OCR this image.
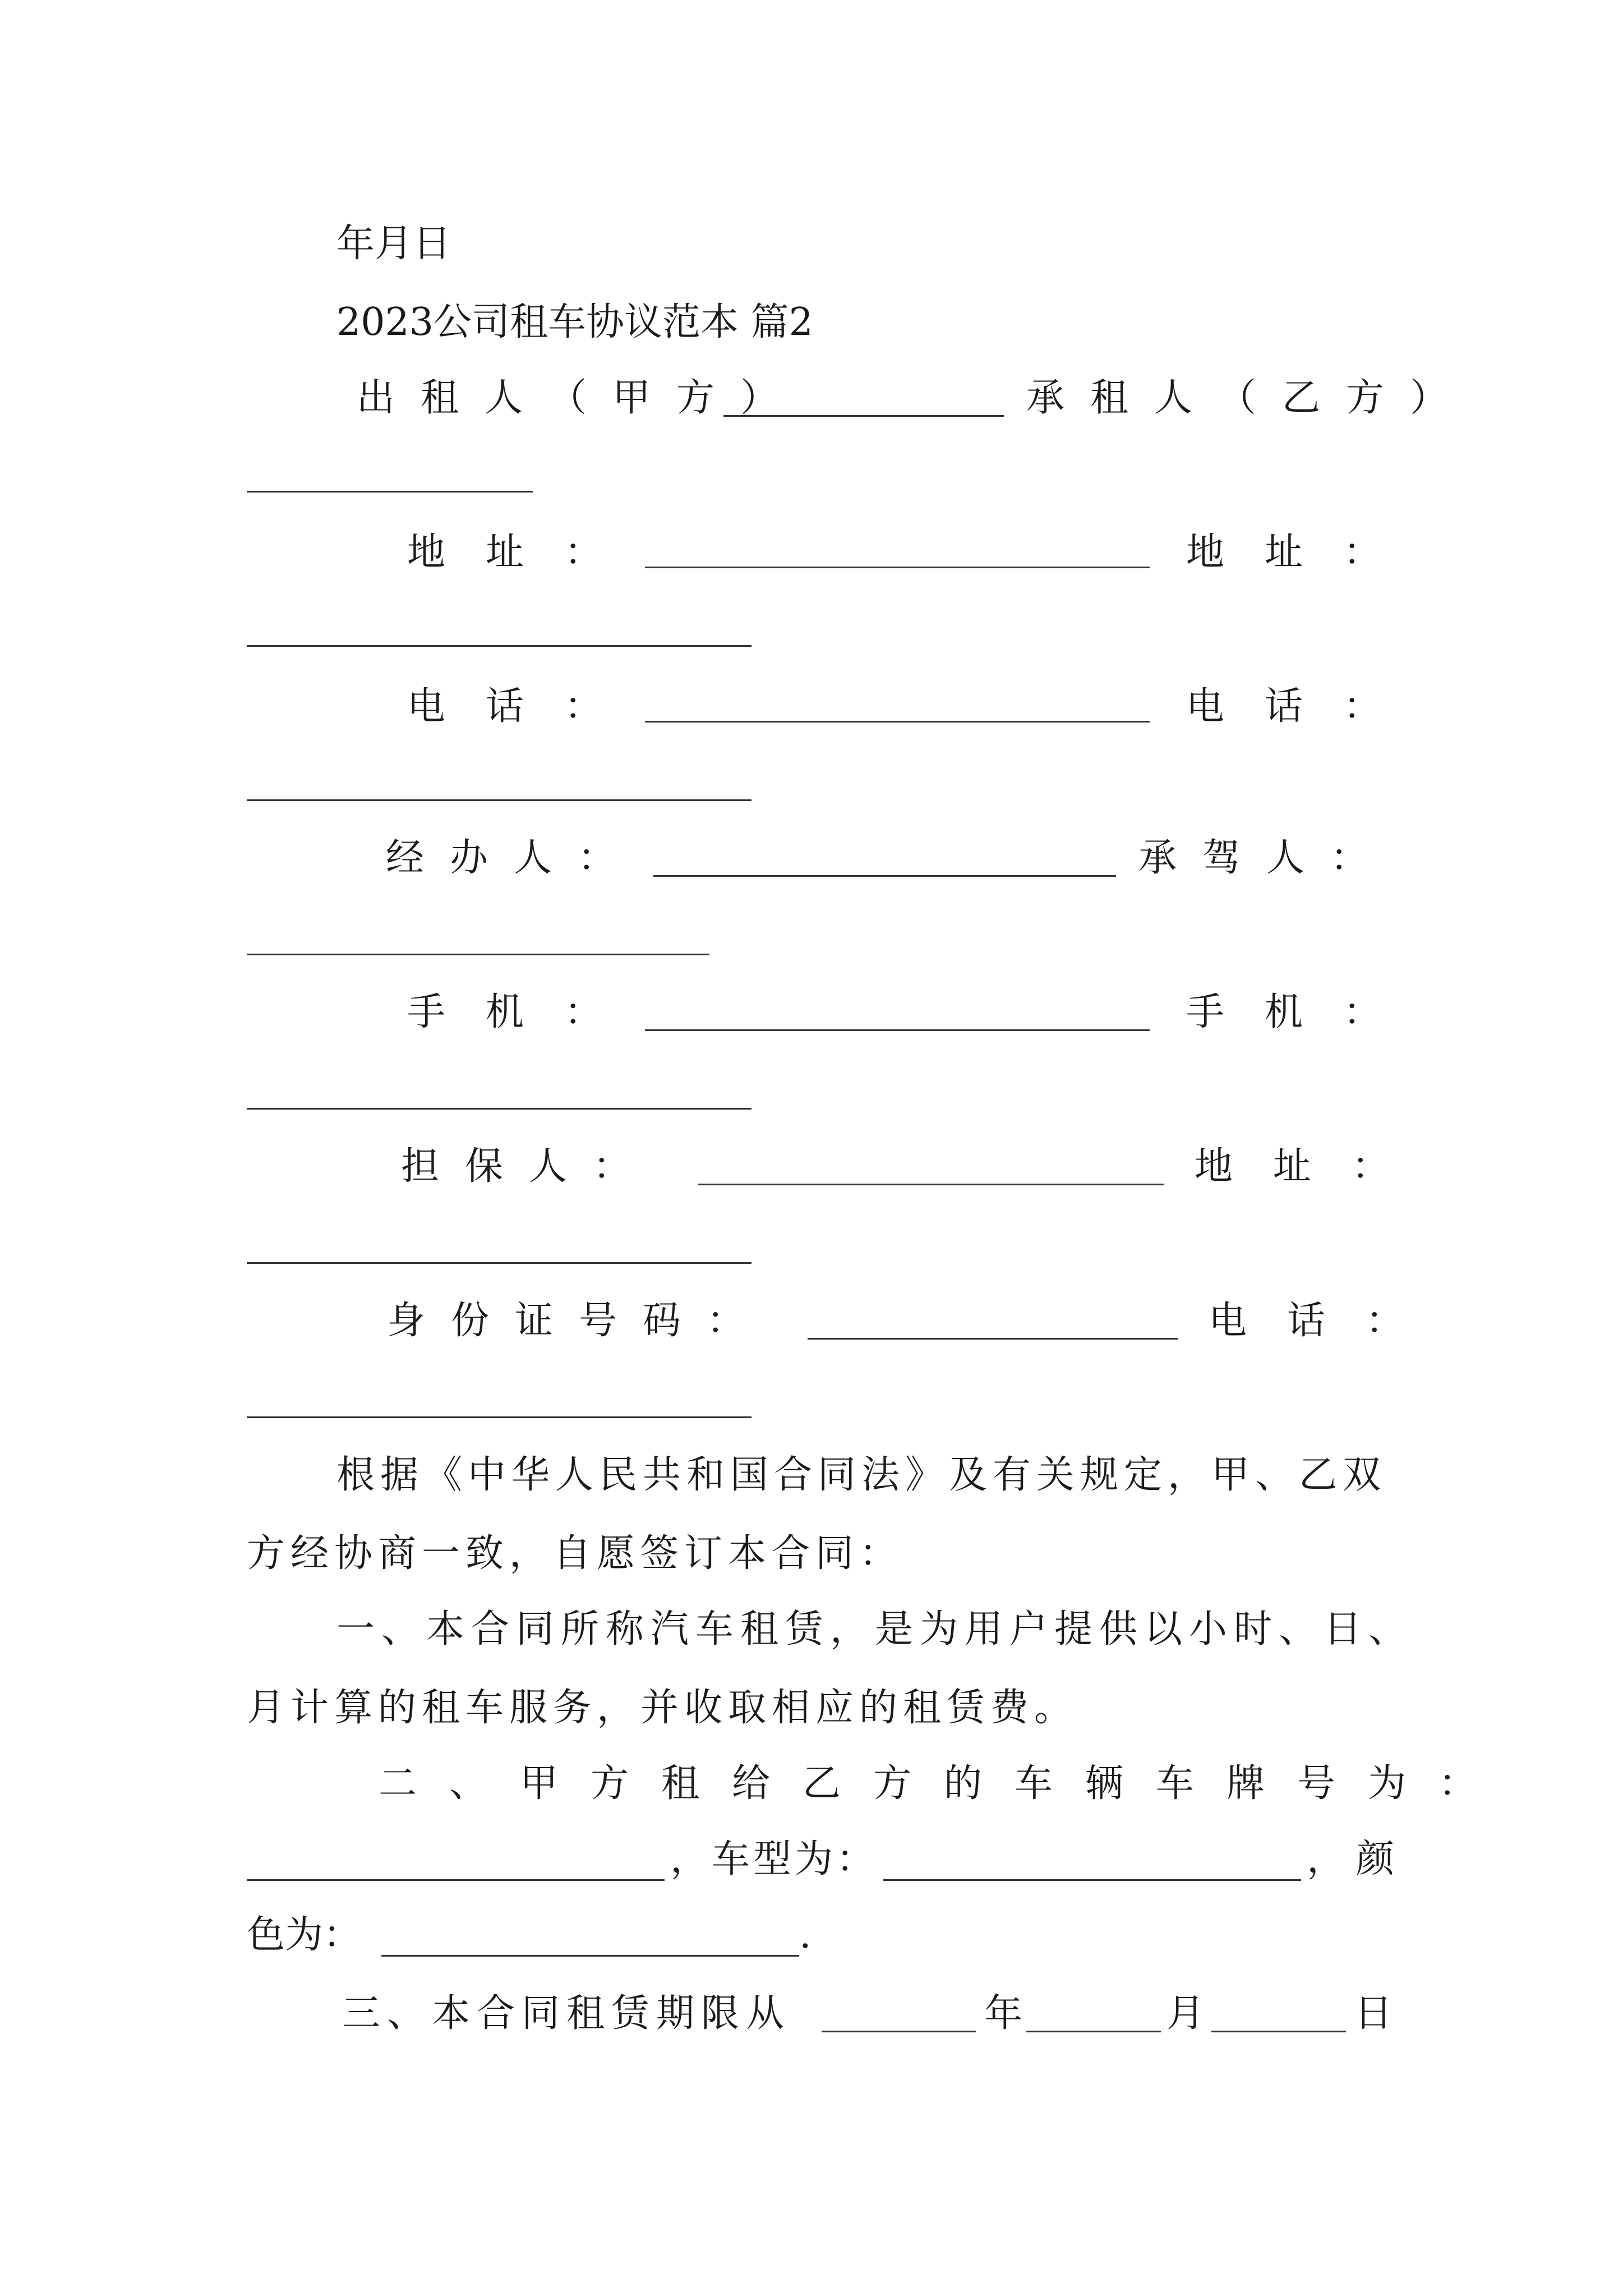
年月日
2023公司租车协议范本 篇2
出租人（甲方）	承租人（乙方）
地址：	地址：
电话：	电话：
经办人：	承驾人：
手机：	手机：
担保人：	地址：
身份证号码：	电话：
根据《中华人民共和国合同法》及有关规定，甲、乙双
方经协商一致，自愿签订本合同：
一、本合同所称汽车租赁，是为用户提供以小时、日、
月计算的租车服务，并收取相应的租赁费。
二、甲方租给乙方的车辆车牌号为：
，车型为：	，颜
色为：	.
三、本合同租赁期限从	年	月	日
